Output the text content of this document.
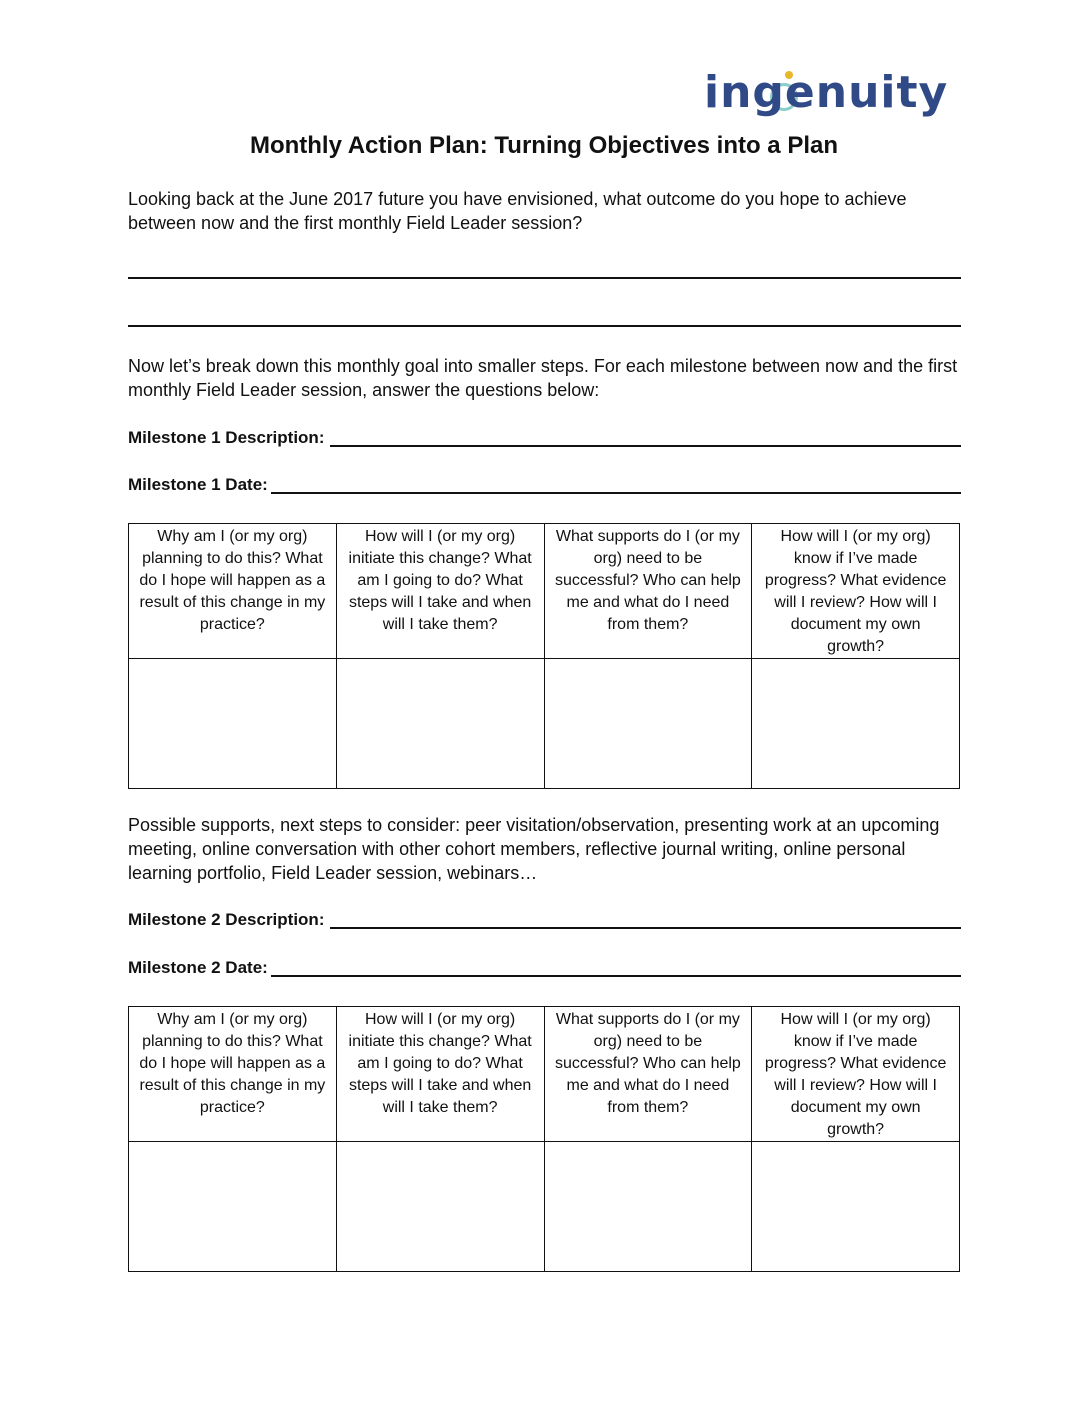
ingenuity
Monthly Action Plan: Turning Objectives into a Plan
Looking back at the June 2017 future you have envisioned, what outcome do you hope to achieve between now and the first monthly Field Leader session?
Now let’s break down this monthly goal into smaller steps. For each milestone between now and the first monthly Field Leader session, answer the questions below:
Milestone 1 Description:
Milestone 1 Date:
Why am I (or my org) planning to do this? What do I hope will happen as a result of this change in my practice?	How will I (or my org) initiate this change? What am I going to do? What steps will I take and when will I take them?	What supports do I (or my org) need to be successful? Who can help me and what do I need from them?	How will I (or my org) know if I’ve made progress? What evidence will I review? How will I document my own growth?

Possible supports, next steps to consider: peer visitation/observation, presenting work at an upcoming meeting, online conversation with other cohort members, reflective journal writing, online personal learning portfolio, Field Leader session, webinars…
Milestone 2 Description:
Milestone 2 Date:
Why am I (or my org) planning to do this? What do I hope will happen as a result of this change in my practice?	How will I (or my org) initiate this change? What am I going to do? What steps will I take and when will I take them?	What supports do I (or my org) need to be successful? Who can help me and what do I need from them?	How will I (or my org) know if I’ve made progress? What evidence will I review? How will I document my own growth?
